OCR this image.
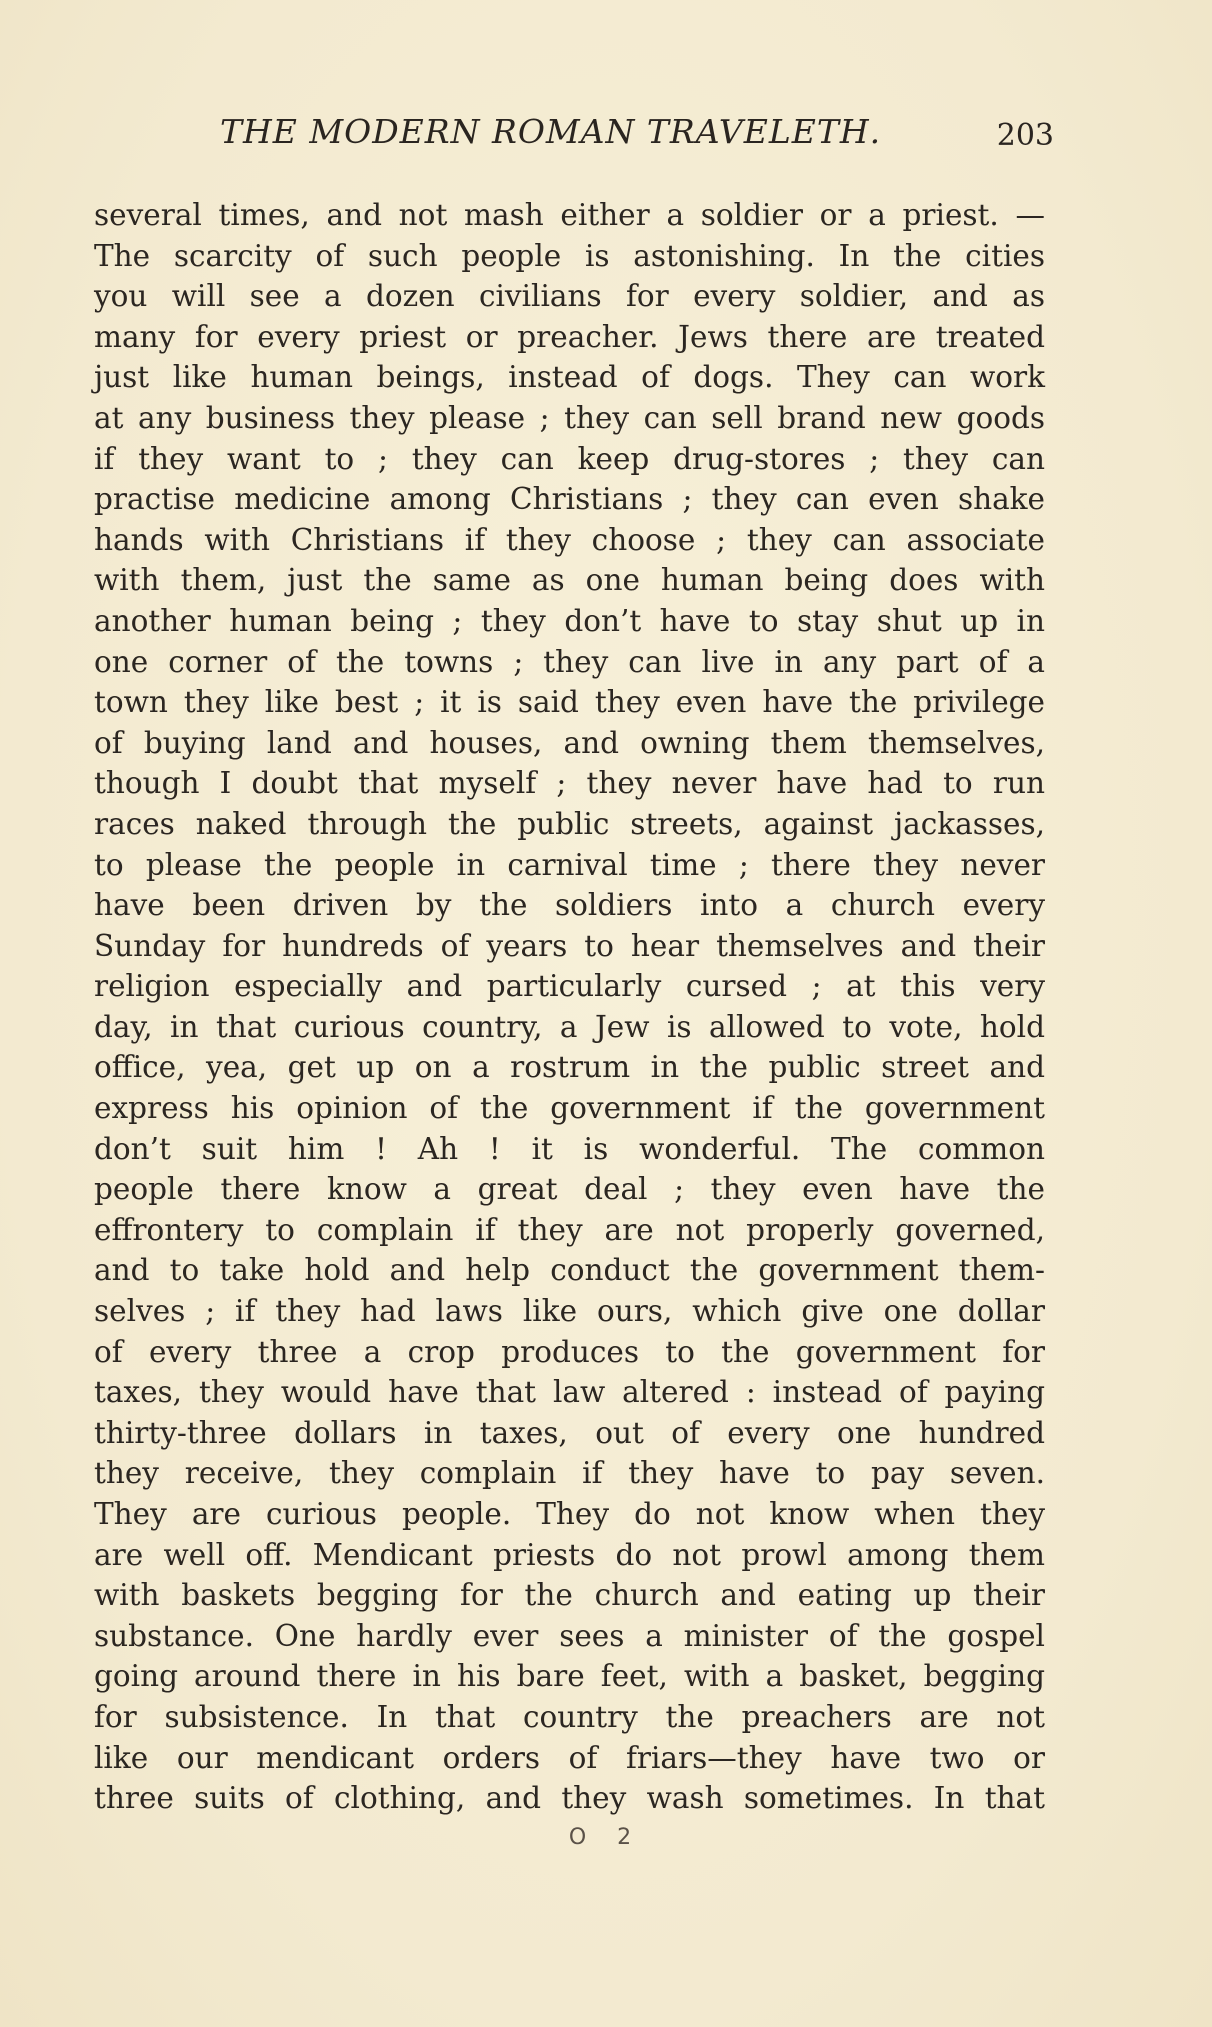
THE MODERN ROMAN TRAVELETH.	203
several times, and not mash either a soldier or a priest. —
The scarcity of such people is astonishing. In the cities
you will see a dozen civilians for every soldier, and as
many for every priest or preacher. Jews there are treated
just like human beings, instead of dogs. They can work
at any business they please ; they can sell brand new goods
if they want to ; they can keep drug-stores ; they can
practise medicine among Christians ; they can even shake
hands with Christians if they choose ; they can associate
with them, just the same as one human being does with
another human being ; they don’t have to stay shut up in
one corner of the towns ; they can live in any part of a
town they like best ; it is said they even have the privilege
of buying land and houses, and owning them themselves,
though I doubt that myself ; they never have had to run
races naked through the public streets, against jackasses,
to please the people in carnival time ; there they never
have been driven by the soldiers into a church every
Sunday for hundreds of years to hear themselves and their
religion especially and particularly cursed ; at this very
day, in that curious country, a Jew is allowed to vote, hold
office, yea, get up on a rostrum in the public street and
express his opinion of the government if the government
don’t suit him ! Ah ! it is wonderful. The common
people there know a great deal ; they even have the
effrontery to complain if they are not properly governed,
and to take hold and help conduct the government them-
selves ; if they had laws like ours, which give one dollar
of every three a crop produces to the government for
taxes, they would have that law altered : instead of paying
thirty-three dollars in taxes, out of every one hundred
they receive, they complain if they have to pay seven.
They are curious people. They do not know when they
are well off. Mendicant priests do not prowl among them
with baskets begging for the church and eating up their
substance. One hardly ever sees a minister of the gospel
going around there in his bare feet, with a basket, begging
for subsistence. In that country the preachers are not
like our mendicant orders of friars—they have two or
three suits of clothing, and they wash sometimes. In that
O 2
